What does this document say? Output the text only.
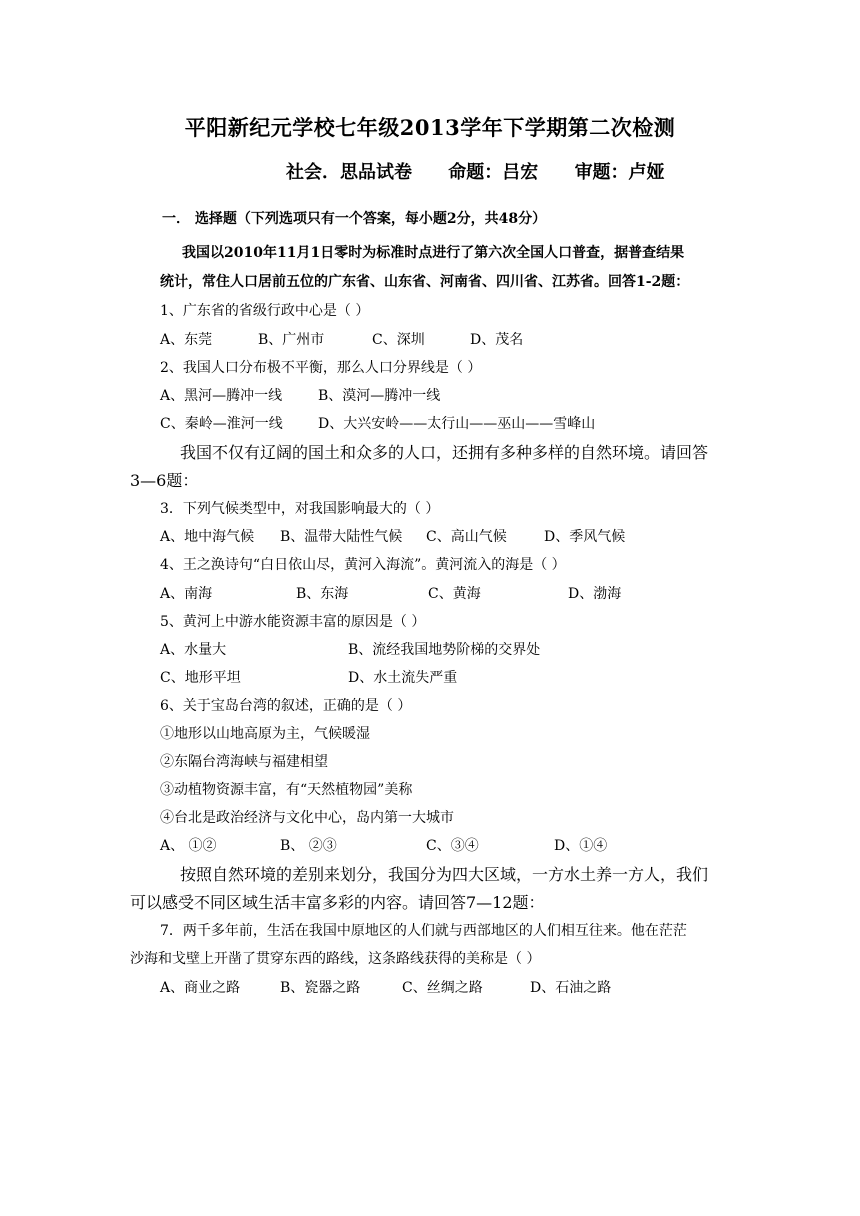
平阳新纪元学校七年级2013学年下学期第二次检测
社会．思品试卷 命题：吕宏 审题：卢娅
一． 选择题（下列选项只有一个答案，每小题2分，共48分）
我国以2010年11月1日零时为标准时点进行了第六次全国人口普查，据普查结果
统计，常住人口居前五位的广东省、山东省、河南省、四川省、江苏省。回答1-2题：
1、广东省的省级行政中心是（ ）
A、东莞	B、广州市	C、深圳	D、茂名
2、我国人口分布极不平衡，那么人口分界线是（ ）
A、黑河—腾冲一线	B、漠河—腾冲一线
C、秦岭—淮河一线	D、大兴安岭——太行山——巫山——雪峰山
我国不仅有辽阔的国土和众多的人口，还拥有多种多样的自然环境。请回答
3—6题：
3．下列气候类型中，对我国影响最大的（ ）
A、地中海气候 B、温带大陆性气候 C、高山气候	D、季风气候
4、王之涣诗句“白日依山尽，黄河入海流”。黄河流入的海是（ ）
A、南海	B、东海	C、黄海	D、渤海
5、黄河上中游水能资源丰富的原因是（ ）
A、水量大	B、流经我国地势阶梯的交界处
C、地形平坦	D、水土流失严重
6、关于宝岛台湾的叙述，正确的是（ ）
①地形以山地高原为主，气候暖湿
②东隔台湾海峡与福建相望
③动植物资源丰富，有“天然植物园”美称
④台北是政治经济与文化中心，岛内第一大城市
A、 ①②	B、 ②③	C、③④	D、①④
按照自然环境的差别来划分，我国分为四大区域，一方水土养一方人，我们
可以感受不同区域生活丰富多彩的内容。请回答7—12题：
7．两千多年前，生活在我国中原地区的人们就与西部地区的人们相互往来。他在茫茫
沙海和戈壁上开凿了贯穿东西的路线，这条路线获得的美称是（ ）
A、商业之路	B、瓷器之路	C、丝绸之路	D、石油之路
